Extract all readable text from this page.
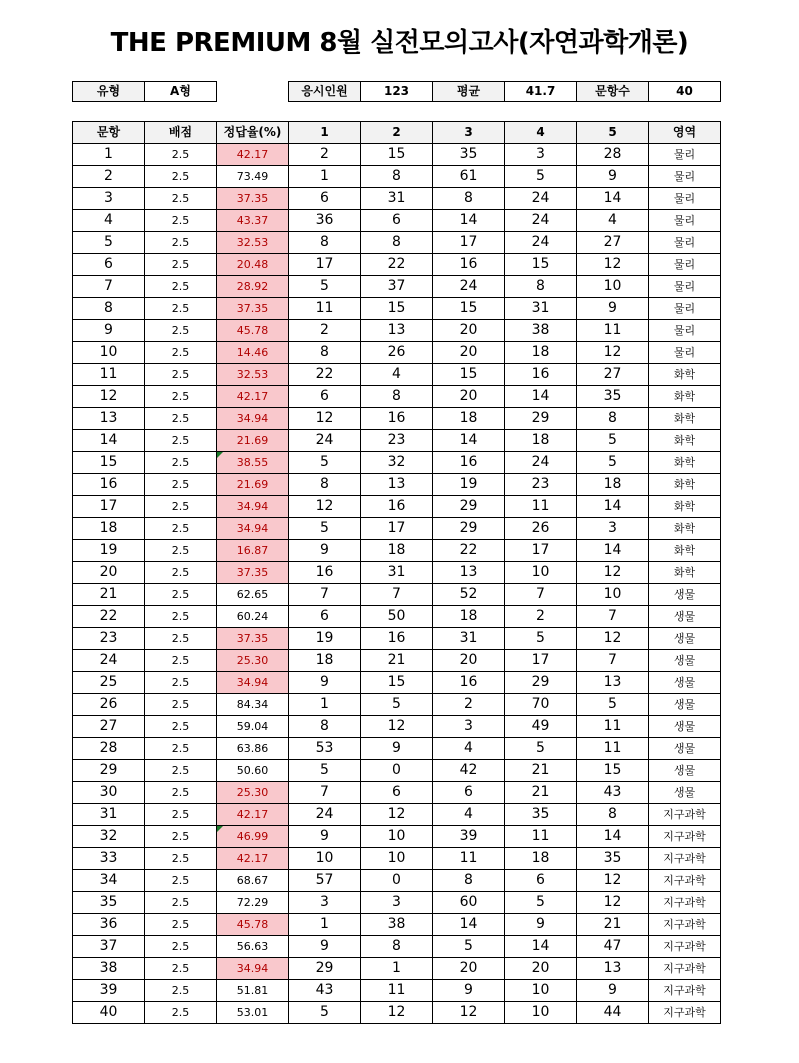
THE PREMIUM 8월 실전모의고사(자연과학개론)
유형	A형		응시인원	123	평균	41.7	문항수	40
문항	배점	정답율(%)	1	2	3	4	5	영역
1	2.5	42.17	2	15	35	3	28	물리
2	2.5	73.49	1	8	61	5	9	물리
3	2.5	37.35	6	31	8	24	14	물리
4	2.5	43.37	36	6	14	24	4	물리
5	2.5	32.53	8	8	17	24	27	물리
6	2.5	20.48	17	22	16	15	12	물리
7	2.5	28.92	5	37	24	8	10	물리
8	2.5	37.35	11	15	15	31	9	물리
9	2.5	45.78	2	13	20	38	11	물리
10	2.5	14.46	8	26	20	18	12	물리
11	2.5	32.53	22	4	15	16	27	화학
12	2.5	42.17	6	8	20	14	35	화학
13	2.5	34.94	12	16	18	29	8	화학
14	2.5	21.69	24	23	14	18	5	화학
15	2.5	38.55	5	32	16	24	5	화학
16	2.5	21.69	8	13	19	23	18	화학
17	2.5	34.94	12	16	29	11	14	화학
18	2.5	34.94	5	17	29	26	3	화학
19	2.5	16.87	9	18	22	17	14	화학
20	2.5	37.35	16	31	13	10	12	화학
21	2.5	62.65	7	7	52	7	10	생물
22	2.5	60.24	6	50	18	2	7	생물
23	2.5	37.35	19	16	31	5	12	생물
24	2.5	25.30	18	21	20	17	7	생물
25	2.5	34.94	9	15	16	29	13	생물
26	2.5	84.34	1	5	2	70	5	생물
27	2.5	59.04	8	12	3	49	11	생물
28	2.5	63.86	53	9	4	5	11	생물
29	2.5	50.60	5	0	42	21	15	생물
30	2.5	25.30	7	6	6	21	43	생물
31	2.5	42.17	24	12	4	35	8	지구과학
32	2.5	46.99	9	10	39	11	14	지구과학
33	2.5	42.17	10	10	11	18	35	지구과학
34	2.5	68.67	57	0	8	6	12	지구과학
35	2.5	72.29	3	3	60	5	12	지구과학
36	2.5	45.78	1	38	14	9	21	지구과학
37	2.5	56.63	9	8	5	14	47	지구과학
38	2.5	34.94	29	1	20	20	13	지구과학
39	2.5	51.81	43	11	9	10	9	지구과학
40	2.5	53.01	5	12	12	10	44	지구과학
